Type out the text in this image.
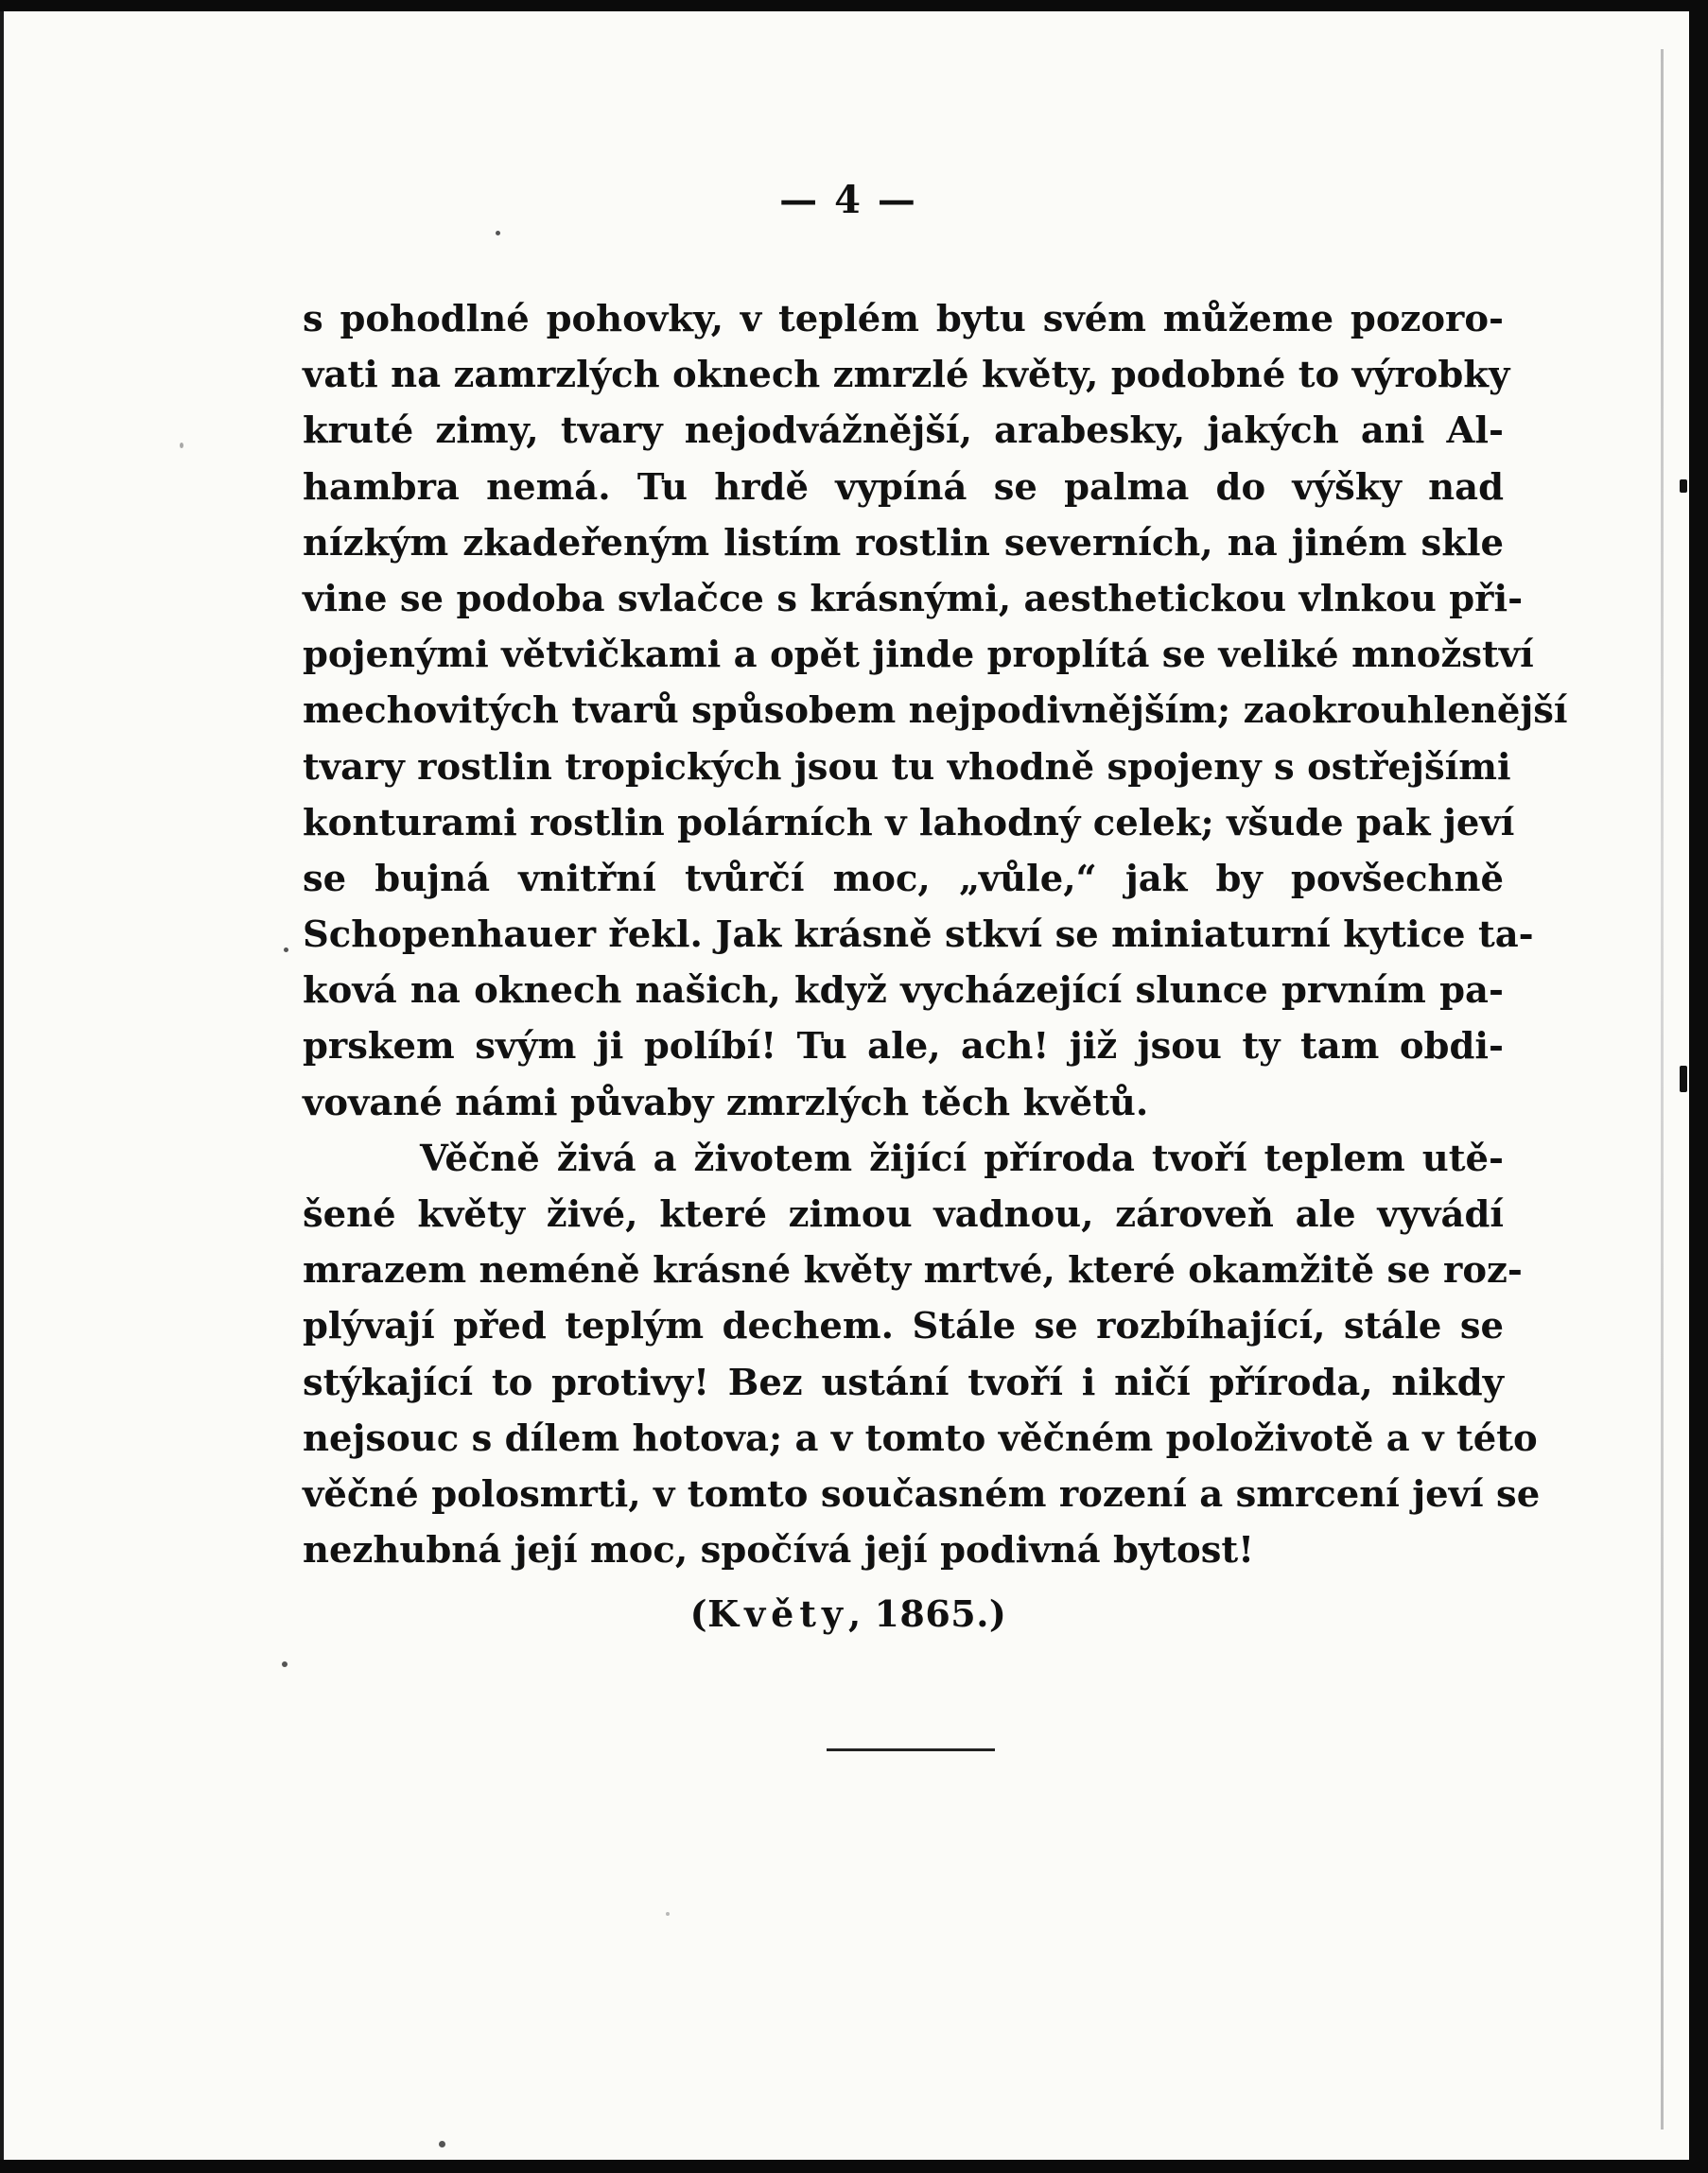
— 4 —
s pohodlné pohovky, v teplém bytu svém můžeme pozoro-
vati na zamrzlých oknech zmrzlé květy, podobné to výrobky
kruté zimy, tvary nejodvážnější, arabesky, jakých ani Al-
hambra nemá. Tu hrdě vypíná se palma do výšky nad
nízkým zkadeřeným listím rostlin severních, na jiném skle
vine se podoba svlačce s krásnými, aesthetickou vlnkou při-
pojenými větvičkami a opět jinde proplítá se veliké množství
mechovitých tvarů spůsobem nejpodivnějším; zaokrouhlenější
tvary rostlin tropických jsou tu vhodně spojeny s ostřejšími
konturami rostlin polárních v lahodný celek; všude pak jeví
se bujná vnitřní tvůrčí moc, „vůle,“ jak by povšechně
Schopenhauer řekl. Jak krásně stkví se miniaturní kytice ta-
ková na oknech našich, když vycházející slunce prvním pa-
prskem svým ji políbí! Tu ale, ach! již jsou ty tam obdi-
vované námi půvaby zmrzlých těch květů.
Věčně živá a životem žijící příroda tvoří teplem utě-
šené květy živé, které zimou vadnou, zároveň ale vyvádí
mrazem neméně krásné květy mrtvé, které okamžitě se roz-
plývají před teplým dechem. Stále se rozbíhající, stále se
stýkající to protivy! Bez ustání tvoří i ničí příroda, nikdy
nejsouc s dílem hotova; a v tomto věčném položivotě a v této
věčné polosmrti, v tomto současném rození a smrcení jeví se
nezhubná její moc, spočívá její podivná bytost!
(Květy, 1865.)
